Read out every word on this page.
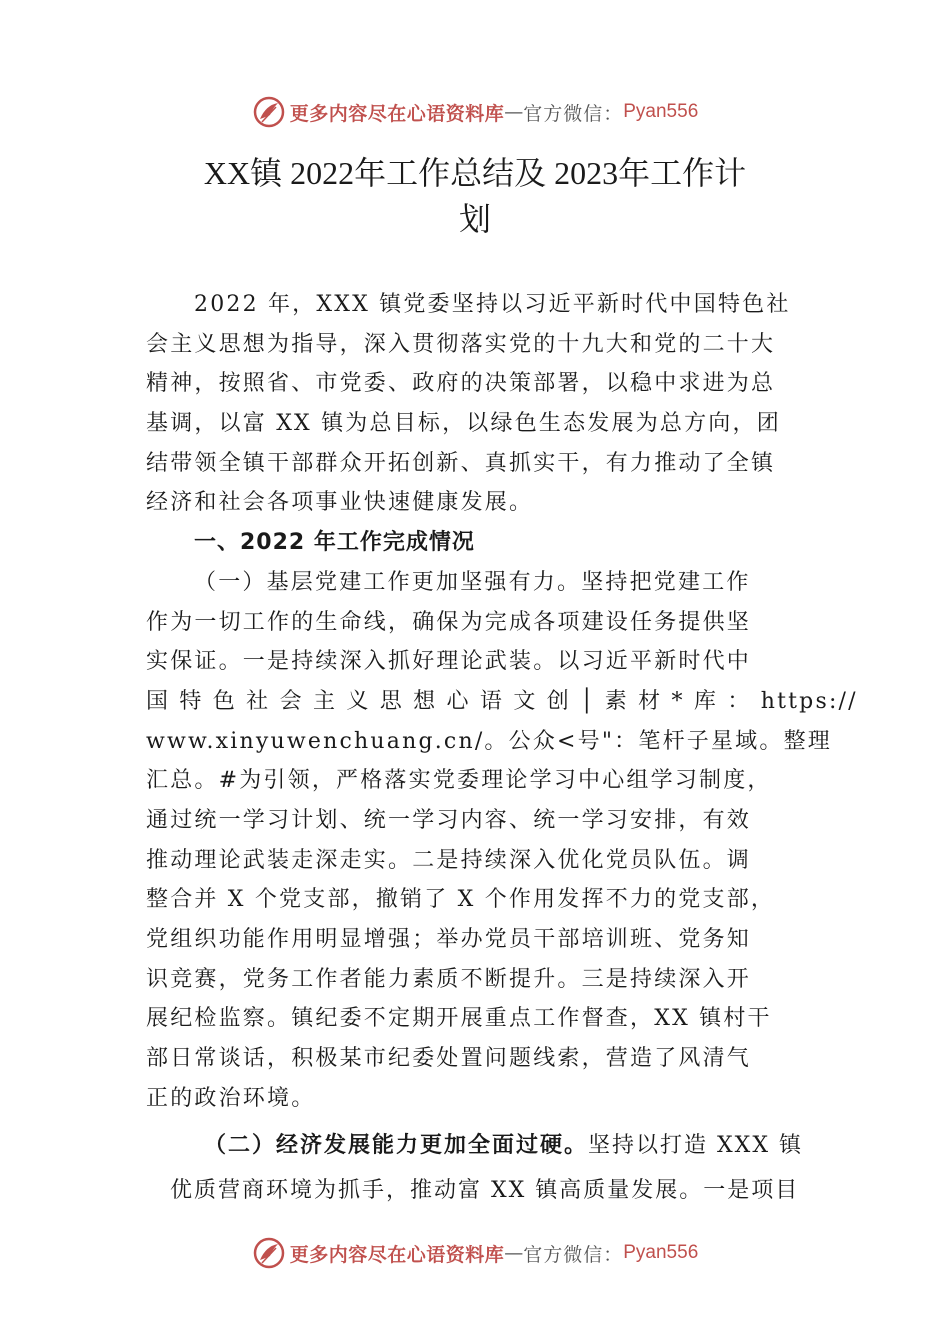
更多内容尽在心语资料库 — 官方微信： Pyan556
XX镇 2022年工作总结及 2023年工作计
划
2022 年，XXX 镇党委坚持以习近平新时代中国特色社
会主义思想为指导，深入贯彻落实党的十九大和党的二十大
精神，按照省、市党委、政府的决策部署，以稳中求进为总
基调，以富 XX 镇为总目标，以绿色生态发展为总方向，团
结带领全镇干部群众开拓创新、真抓实干，有力推动了全镇
经济和社会各项事业快速健康发展。
一、2022 年工作完成情况
（一）基层党建工作更加坚强有力。坚持把党建工作
作为一切工作的生命线，确保为完成各项建设任务提供坚
实保证。一是持续深入抓好理论武装。以习近平新时代中
国 特 色 社 会 主 义 思 想 心 语 文 创 │ 素 材 * 库 ： https://
www.xinyuwenchuang.cn/。公众<号"：笔杆子星域。整理
汇总。#为引领，严格落实党委理论学习中心组学习制度，
通过统一学习计划、统一学习内容、统一学习安排，有效
推动理论武装走深走实。二是持续深入优化党员队伍。调
整合并 X 个党支部，撤销了 X 个作用发挥不力的党支部，
党组织功能作用明显增强；举办党员干部培训班、党务知
识竞赛，党务工作者能力素质不断提升。三是持续深入开
展纪检监察。镇纪委不定期开展重点工作督查，XX 镇村干
部日常谈话，积极某市纪委处置问题线索，营造了风清气
正的政治环境。
（二）经济发展能力更加全面过硬。坚持以打造 XXX 镇
优质营商环境为抓手，推动富 XX 镇高质量发展。一是项目
更多内容尽在心语资料库 — 官方微信： Pyan556
